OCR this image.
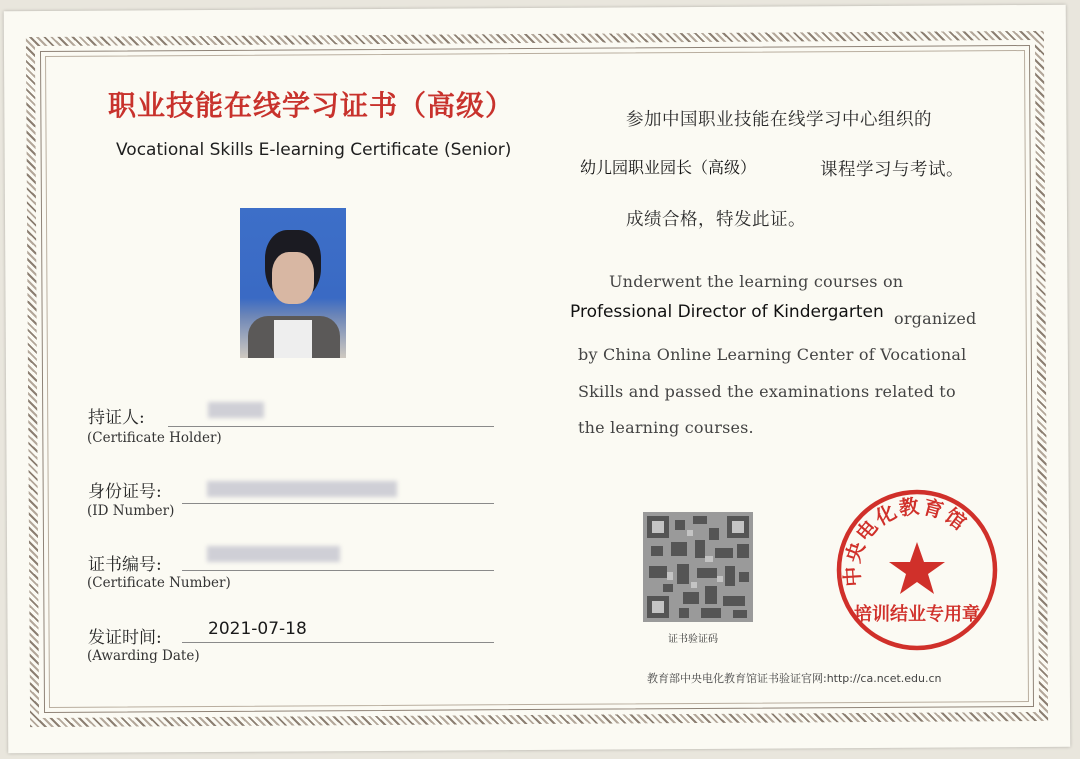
职业技能在线学习证书（高级）
Vocational Skills E-learning Certificate (Senior)
持证人:
(Certificate Holder)
身份证号:
(ID Number)
证书编号:
(Certificate Number)
发证时间:	2021-07-18
(Awarding Date)
参加中国职业技能在线学习中心组织的
幼儿园职业园长（高级）	课程学习与考试。
成绩合格，特发此证。
Underwent the learning courses on
Professional Director of Kindergarten organized
by China Online Learning Center of Vocational
Skills and passed the examinations related to
the learning courses.
证书验证码
教育部中央电化教育馆证书验证官网:http://ca.ncet.edu.cn
中央电化教育馆
培训结业专用章
